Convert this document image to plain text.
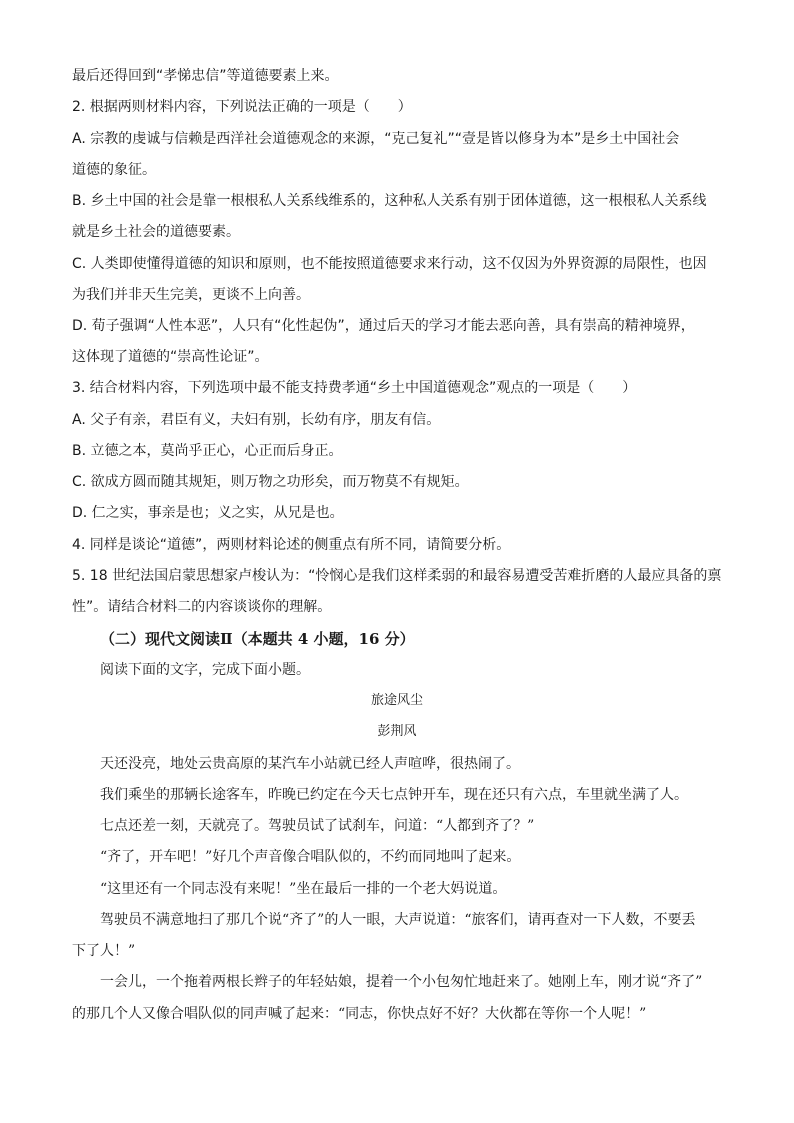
最后还得回到“孝悌忠信”等道德要素上来。
2. 根据两则材料内容，下列说法正确的一项是（　　）
A. 宗教的虔诚与信赖是西洋社会道德观念的来源，“克己复礼”“壹是皆以修身为本”是乡土中国社会
道德的象征。
B. 乡土中国的社会是靠一根根私人关系线维系的，这种私人关系有别于团体道德，这一根根私人关系线
就是乡土社会的道德要素。
C. 人类即使懂得道德的知识和原则，也不能按照道德要求来行动，这不仅因为外界资源的局限性，也因
为我们并非天生完美，更谈不上向善。
D. 荀子强调“人性本恶”，人只有“化性起伪”，通过后天的学习才能去恶向善，具有崇高的精神境界，
这体现了道德的“崇高性论证”。
3. 结合材料内容，下列选项中最不能支持费孝通“乡土中国道德观念”观点的一项是（　　）
A. 父子有亲，君臣有义，夫妇有别，长幼有序，朋友有信。
B. 立德之本，莫尚乎正心，心正而后身正。
C. 欲成方圆而随其规矩，则万物之功形矣，而万物莫不有规矩。
D. 仁之实，事亲是也；义之实，从兄是也。
4. 同样是谈论“道德”，两则材料论述的侧重点有所不同，请简要分析。
5. 18 世纪法国启蒙思想家卢梭认为：“怜悯心是我们这样柔弱的和最容易遭受苦难折磨的人最应具备的禀
性”。请结合材料二的内容谈谈你的理解。
（二）现代文阅读Ⅱ（本题共 4 小题，16 分）
阅读下面的文字，完成下面小题。
旅途风尘
彭荆风
天还没亮，地处云贵高原的某汽车小站就已经人声喧哗，很热闹了。
我们乘坐的那辆长途客车，昨晚已约定在今天七点钟开车，现在还只有六点，车里就坐满了人。
七点还差一刻，天就亮了。驾驶员试了试刹车，问道：“人都到齐了？”
“齐了，开车吧！”好几个声音像合唱队似的，不约而同地叫了起来。
“这里还有一个同志没有来呢！”坐在最后一排的一个老大妈说道。
驾驶员不满意地扫了那几个说“齐了”的人一眼，大声说道：“旅客们，请再查对一下人数，不要丢
下了人！”
一会儿，一个拖着两根长辫子的年轻姑娘，提着一个小包匆忙地赶来了。她刚上车，刚才说“齐了”
的那几个人又像合唱队似的同声喊了起来：“同志，你快点好不好？大伙都在等你一个人呢！”
